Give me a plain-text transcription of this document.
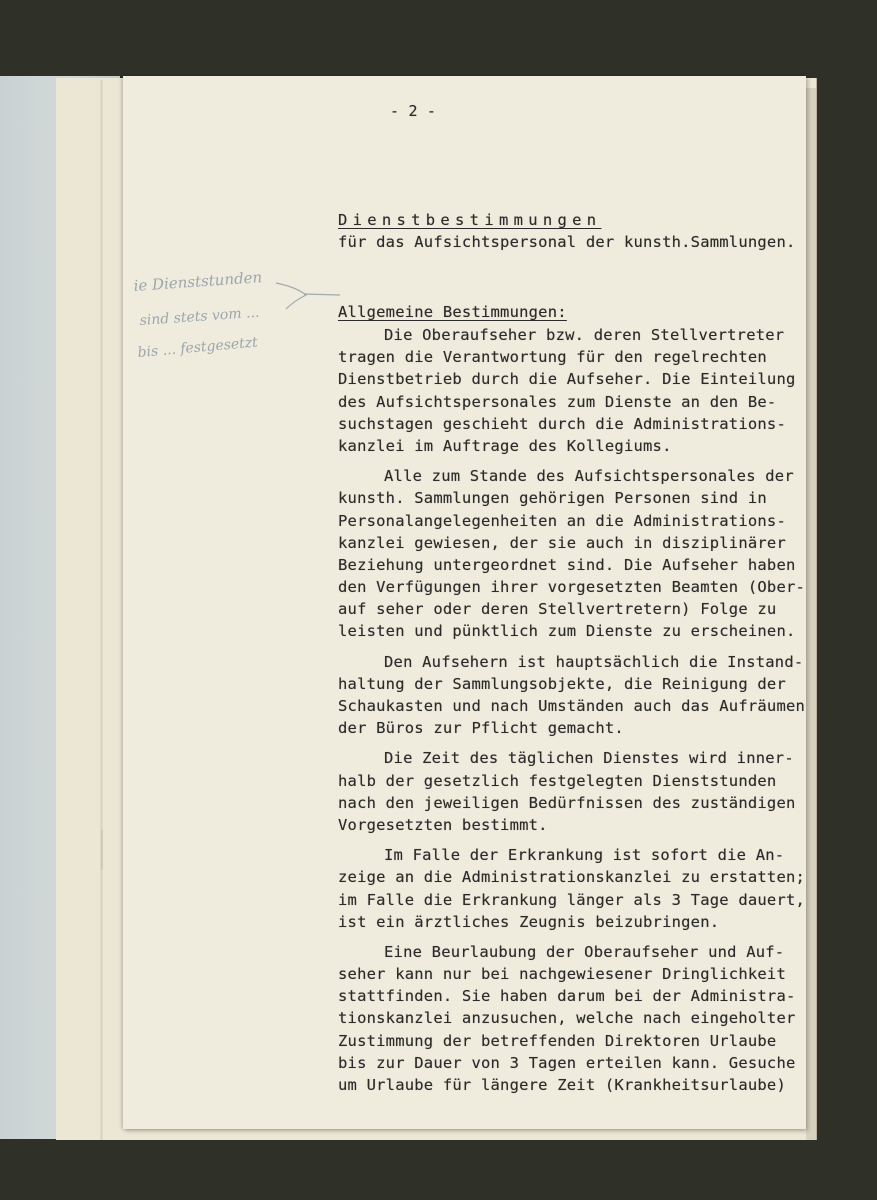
- 2 -
Dienstbestimmungen
für das Aufsichtspersonal der kunsth.Sammlungen.
Allgemeine Bestimmungen:
Die Oberaufseher bzw. deren Stellvertreter
tragen die Verantwortung für den regelrechten
Dienstbetrieb durch die Aufseher. Die Einteilung
des Aufsichtspersonales zum Dienste an den Be-
suchstagen geschieht durch die Administrations-
kanzlei im Auftrage des Kollegiums.
Alle zum Stande des Aufsichtspersonales der
kunsth. Sammlungen gehörigen Personen sind in
Personalangelegenheiten an die Administrations-
kanzlei gewiesen, der sie auch in disziplinärer
Beziehung untergeordnet sind. Die Aufseher haben
den Verfügungen ihrer vorgesetzten Beamten (Ober-
auf seher oder deren Stellvertretern) Folge zu
leisten und pünktlich zum Dienste zu erscheinen.
Den Aufsehern ist hauptsächlich die Instand-
haltung der Sammlungsobjekte, die Reinigung der
Schaukasten und nach Umständen auch das Aufräumen
der Büros zur Pflicht gemacht.
Die Zeit des täglichen Dienstes wird inner-
halb der gesetzlich festgelegten Dienststunden
nach den jeweiligen Bedürfnissen des zuständigen
Vorgesetzten bestimmt.
Im Falle der Erkrankung ist sofort die An-
zeige an die Administrationskanzlei zu erstatten;
im Falle die Erkrankung länger als 3 Tage dauert,
ist ein ärztliches Zeugnis beizubringen.
Eine Beurlaubung der Oberaufseher und Auf-
seher kann nur bei nachgewiesener Dringlichkeit
stattfinden. Sie haben darum bei der Administra-
tionskanzlei anzusuchen, welche nach eingeholter
Zustimmung der betreffenden Direktoren Urlaube
bis zur Dauer von 3 Tagen erteilen kann. Gesuche
um Urlaube für längere Zeit (Krankheitsurlaube)
ie Dienststunden
sind stets vom ...
bis ... festgesetzt
